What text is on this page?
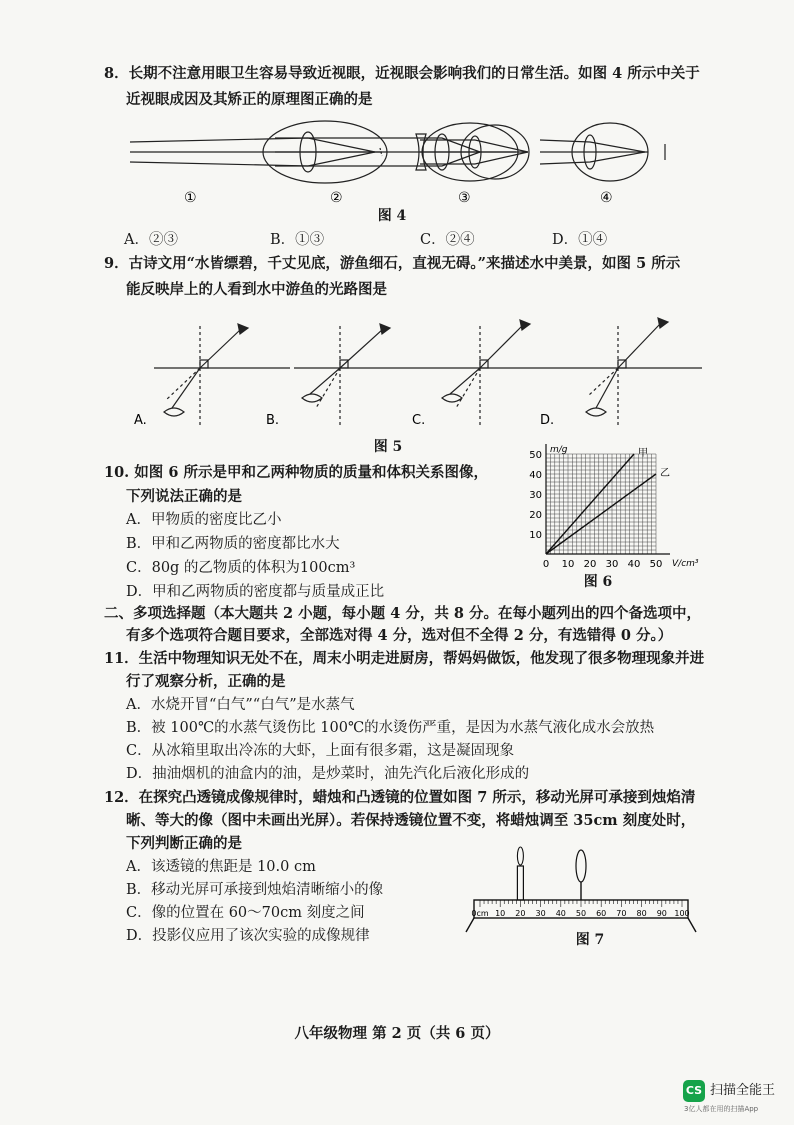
8．长期不注意用眼卫生容易导致近视眼，近视眼会影响我们的日常生活。如图 4 所示中关于
近视眼成因及其矫正的原理图正确的是
①	②	③	④
图 4
A．②③	B．①③	C．②④	D．①④
9．古诗文用“水皆缥碧，千丈见底，游鱼细石，直视无碍。”来描述水中美景，如图 5 所示
能反映岸上的人看到水中游鱼的光路图是
A.	B.	C.	D.
图 5
10. 如图 6 所示是甲和乙两种物质的质量和体积关系图像，
下列说法正确的是
A．甲物质的密度比乙小
B．甲和乙两物质的密度都比水大
C．80g 的乙物质的体积为100cm³
D．甲和乙两物质的密度都与质量成正比
0 10 20 30 40 50
10
20
30
40
50
V/cm³
m/g	甲
乙
图 6
二、多项选择题（本大题共 2 小题，每小题 4 分，共 8 分。在每小题列出的四个备选项中，
有多个选项符合题目要求，全部选对得 4 分，选对但不全得 2 分，有选错得 0 分。）
11．生活中物理知识无处不在，周末小明走进厨房，帮妈妈做饭，他发现了很多物理现象并进
行了观察分析，正确的是
A．水烧开冒“白气”“白气”是水蒸气
B．被 100℃的水蒸气烫伤比 100℃的水烫伤严重，是因为水蒸气液化成水会放热
C．从冰箱里取出冷冻的大虾，上面有很多霜，这是凝固现象
D．抽油烟机的油盒内的油，是炒菜时，油先汽化后液化形成的
12．在探究凸透镜成像规律时，蜡烛和凸透镜的位置如图 7 所示，移动光屏可承接到烛焰清
晰、等大的像（图中未画出光屏）。若保持透镜位置不变，将蜡烛调至 35cm 刻度处时，
下列判断正确的是
A．该透镜的焦距是 10.0 cm
B．移动光屏可承接到烛焰清晰缩小的像
C．像的位置在 60～70cm 刻度之间
D．投影仪应用了该次实验的成像规律
0cm 10 20 30 40 50 60 70 80 90 100
图 7
八年级物理 第 2 页（共 6 页）
CS 扫描全能王
3亿人都在用的扫描App
